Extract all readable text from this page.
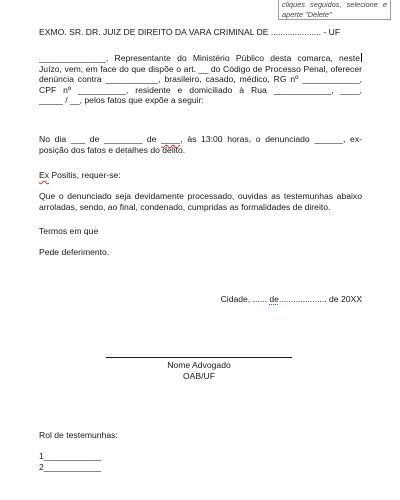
cliques seguidos, selecione e aperte "Delete"

EXMO. SR. DR. JUIZ DE DIREITO DA VARA CRIMINAL DE ..................... - UF

______________, Representante do Ministério Público desta comarca, neste
Juízo, vem, em face do que dispõe o art. __ do Código de Processo Penal, oferecer
denúncia contra ___________, brasileiro, casado, médico, RG nº ____________,
CPF nº __________, residente e domiciliado à Rua ____________, ____,
_____ / __, pelos fatos que expõe a seguir:
No dia ___ de ________ de ____, às 13:00 horas, o denunciado ______, ex-
posição dos fatos e detalhes do delito.

Ex Positis, requer-se:

Que o denunciado seja devidamente processado, ouvidas as testemunhas abaixo
arroladas, sendo, ao final, condenado, cumpridas as formalidades de direito.

Termos em que

Pede deferimento.

Cidade, ...... de.................... de 20XX

Nome Advogado
OAB/UF

Rol de testemunhas:

1____________

2____________
